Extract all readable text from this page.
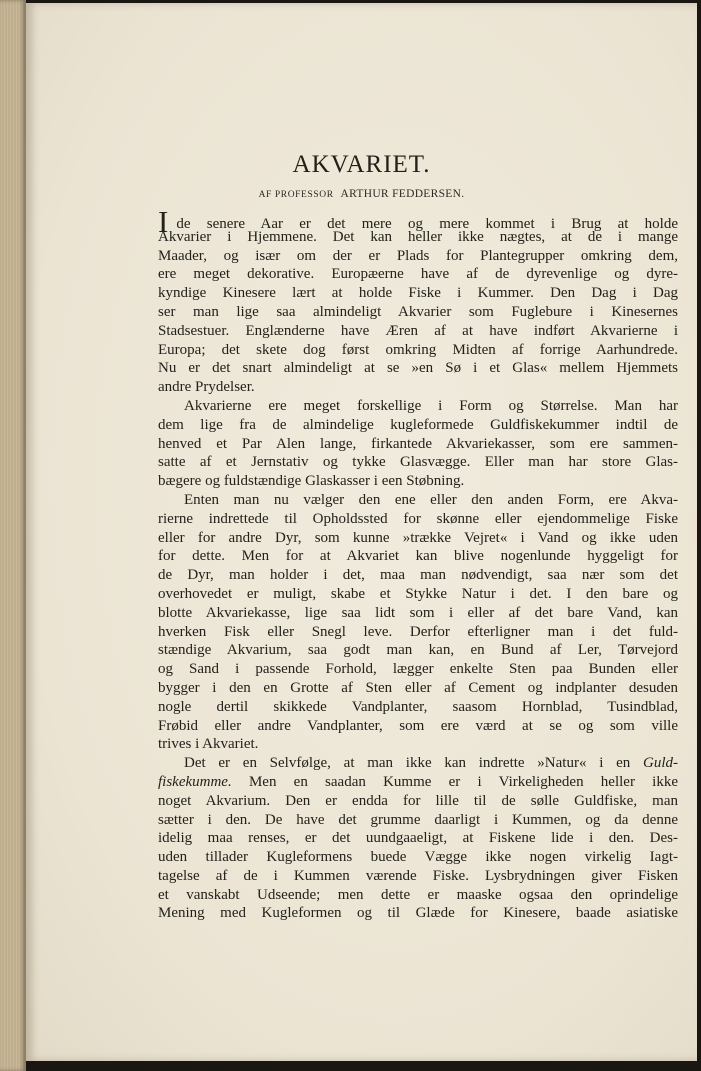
AKVARIET.
AF PROFESSOR ARTHUR FEDDERSEN.
Ide senere Aar er det mere og mere kommet i Brug at holde
Akvarier i Hjemmene. Det kan heller ikke nægtes, at de i mange
Maader, og især om der er Plads for Plantegrupper omkring dem,
ere meget dekorative. Europæerne have af de dyrevenlige og dyre-
kyndige Kinesere lært at holde Fiske i Kummer. Den Dag i Dag
ser man lige saa almindeligt Akvarier som Fuglebure i Kinesernes
Stadsestuer. Englænderne have Æren af at have indført Akvarierne i
Europa; det skete dog først omkring Midten af forrige Aarhundrede.
Nu er det snart almindeligt at se »en Sø i et Glas« mellem Hjemmets
andre Prydelser.
Akvarierne ere meget forskellige i Form og Størrelse. Man har
dem lige fra de almindelige kugleformede Guldfiskekummer indtil de
henved et Par Alen lange, firkantede Akvariekasser, som ere sammen-
satte af et Jernstativ og tykke Glasvægge. Eller man har store Glas-
bægere og fuldstændige Glaskasser i een Støbning.
Enten man nu vælger den ene eller den anden Form, ere Akva-
rierne indrettede til Opholdssted for skønne eller ejendommelige Fiske
eller for andre Dyr, som kunne »trække Vejret« i Vand og ikke uden
for dette. Men for at Akvariet kan blive nogenlunde hyggeligt for
de Dyr, man holder i det, maa man nødvendigt, saa nær som det
overhovedet er muligt, skabe et Stykke Natur i det. I den bare og
blotte Akvariekasse, lige saa lidt som i eller af det bare Vand, kan
hverken Fisk eller Snegl leve. Derfor efterligner man i det fuld-
stændige Akvarium, saa godt man kan, en Bund af Ler, Tørvejord
og Sand i passende Forhold, lægger enkelte Sten paa Bunden eller
bygger i den en Grotte af Sten eller af Cement og indplanter desuden
nogle dertil skikkede Vandplanter, saasom Hornblad, Tusindblad,
Frøbid eller andre Vandplanter, som ere værd at se og som ville
trives i Akvariet.
Det er en Selvfølge, at man ikke kan indrette »Natur« i en Guld-
fiskekumme. Men en saadan Kumme er i Virkeligheden heller ikke
noget Akvarium. Den er endda for lille til de sølle Guldfiske, man
sætter i den. De have det grumme daarligt i Kummen, og da denne
idelig maa renses, er det uundgaaeligt, at Fiskene lide i den. Des-
uden tillader Kugleformens buede Vægge ikke nogen virkelig Iagt-
tagelse af de i Kummen værende Fiske. Lysbrydningen giver Fisken
et vanskabt Udseende; men dette er maaske ogsaa den oprindelige
Mening med Kugleformen og til Glæde for Kinesere, baade asiatiske
